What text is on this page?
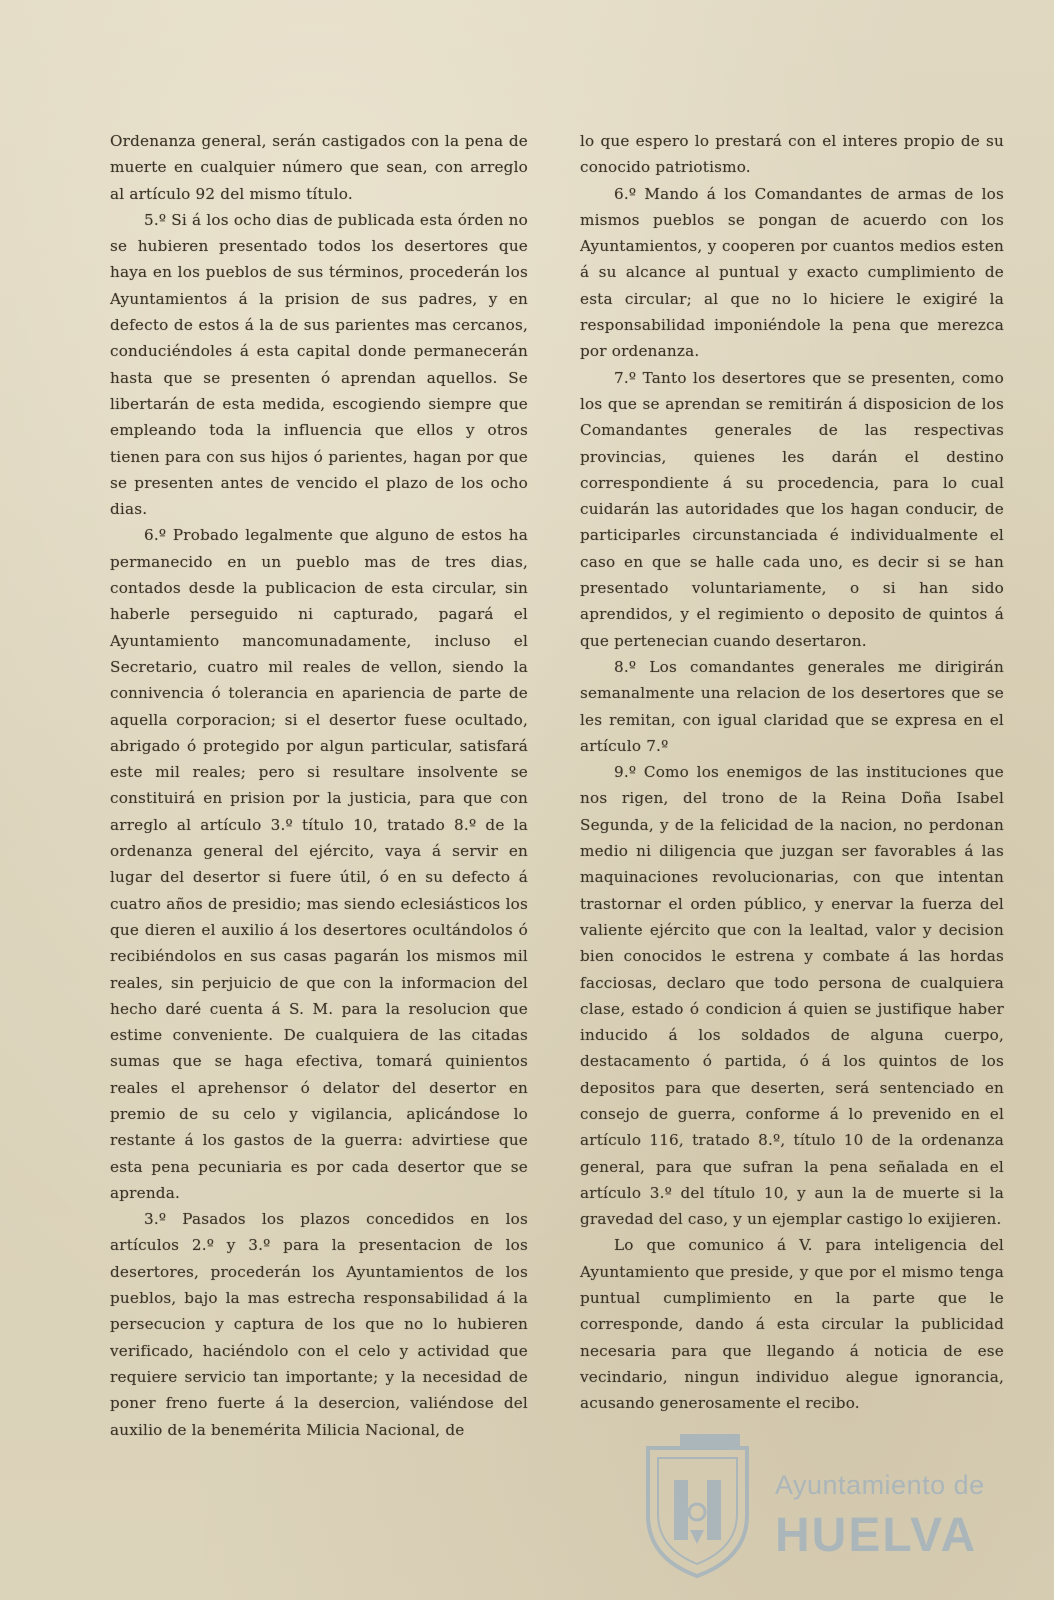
Ordenanza general, serán castigados con la pena de muerte en cualquier número que sean, con arreglo al artículo 92 del mismo título.

5.º Si á los ocho dias de publicada esta órden no se hubieren presentado todos los desertores que haya en los pueblos de sus términos, procederán los Ayuntamientos á la prision de sus padres, y en defecto de estos á la de sus parientes mas cercanos, conduciéndoles á esta capital donde permanecerán hasta que se presenten ó aprendan aquellos. Se libertarán de esta medida, escogiendo siempre que empleando toda la influencia que ellos y otros tienen para con sus hijos ó parientes, hagan por que se presenten antes de vencido el plazo de los ocho dias.

6.º Probado legalmente que alguno de estos ha permanecido en un pueblo mas de tres dias, contados desde la publicacion de esta circular, sin haberle perseguido ni capturado, pagará el Ayuntamiento mancomunadamente, incluso el Secretario, cuatro mil reales de vellon, siendo la connivencia ó tolerancia en apariencia de parte de aquella corporacion; si el desertor fuese ocultado, abrigado ó protegido por algun particular, satisfará este mil reales; pero si resultare insolvente se constituirá en prision por la justicia, para que con arreglo al artículo 3.º título 10, tratado 8.º de la ordenanza general del ejército, vaya á servir en lugar del desertor si fuere útil, ó en su defecto á cuatro años de presidio; mas siendo eclesiásticos los que dieren el auxilio á los desertores ocultándolos ó recibiéndolos en sus casas pagarán los mismos mil reales, sin perjuicio de que con la informacion del hecho daré cuenta á S. M. para la resolucion que estime conveniente. De cualquiera de las citadas sumas que se haga efectiva, tomará quinientos reales el aprehensor ó delator del desertor en premio de su celo y vigilancia, aplicándose lo restante á los gastos de la guerra: advirtiese que esta pena pecuniaria es por cada desertor que se aprenda.

3.º Pasados los plazos concedidos en los artículos 2.º y 3.º para la presentacion de los desertores, procederán los Ayuntamientos de los pueblos, bajo la mas estrecha responsabilidad á la persecucion y captura de los que no lo hubieren verificado, haciéndolo con el celo y actividad que requiere servicio tan importante; y la necesidad de poner freno fuerte á la desercion, valiéndose del auxilio de la benemérita Milicia Nacional, de

lo que espero lo prestará con el interes propio de su conocido patriotismo.

6.º Mando á los Comandantes de armas de los mismos pueblos se pongan de acuerdo con los Ayuntamientos, y cooperen por cuantos medios esten á su alcance al puntual y exacto cumplimiento de esta circular; al que no lo hiciere le exigiré la responsabilidad imponiéndole la pena que merezca por ordenanza.

7.º Tanto los desertores que se presenten, como los que se aprendan se remitirán á disposicion de los Comandantes generales de las respectivas provincias, quienes les darán el destino correspondiente á su procedencia, para lo cual cuidarán las autoridades que los hagan conducir, de participarles circunstanciada é individualmente el caso en que se halle cada uno, es decir si se han presentado voluntariamente, o si han sido aprendidos, y el regimiento o deposito de quintos á que pertenecian cuando desertaron.

8.º Los comandantes generales me dirigirán semanalmente una relacion de los desertores que se les remitan, con igual claridad que se expresa en el artículo 7.º

9.º Como los enemigos de las instituciones que nos rigen, del trono de la Reina Doña Isabel Segunda, y de la felicidad de la nacion, no perdonan medio ni diligencia que juzgan ser favorables á las maquinaciones revolucionarias, con que intentan trastornar el orden público, y enervar la fuerza del valiente ejército que con la lealtad, valor y decision bien conocidos le estrena y combate á las hordas facciosas, declaro que todo persona de cualquiera clase, estado ó condicion á quien se justifique haber inducido á los soldados de alguna cuerpo, destacamento ó partida, ó á los quintos de los depositos para que deserten, será sentenciado en consejo de guerra, conforme á lo prevenido en el artículo 116, tratado 8.º, título 10 de la ordenanza general, para que sufran la pena señalada en el artículo 3.º del título 10, y aun la de muerte si la gravedad del caso, y un ejemplar castigo lo exijieren.

Lo que comunico á V. para inteligencia del Ayuntamiento que preside, y que por el mismo tenga puntual cumplimiento en la parte que le corresponde, dando á esta circular la publicidad necesaria para que llegando á noticia de ese vecindario, ningun individuo alegue ignorancia, acusando generosamente el recibo.

Ayuntamiento de
HUELVA
